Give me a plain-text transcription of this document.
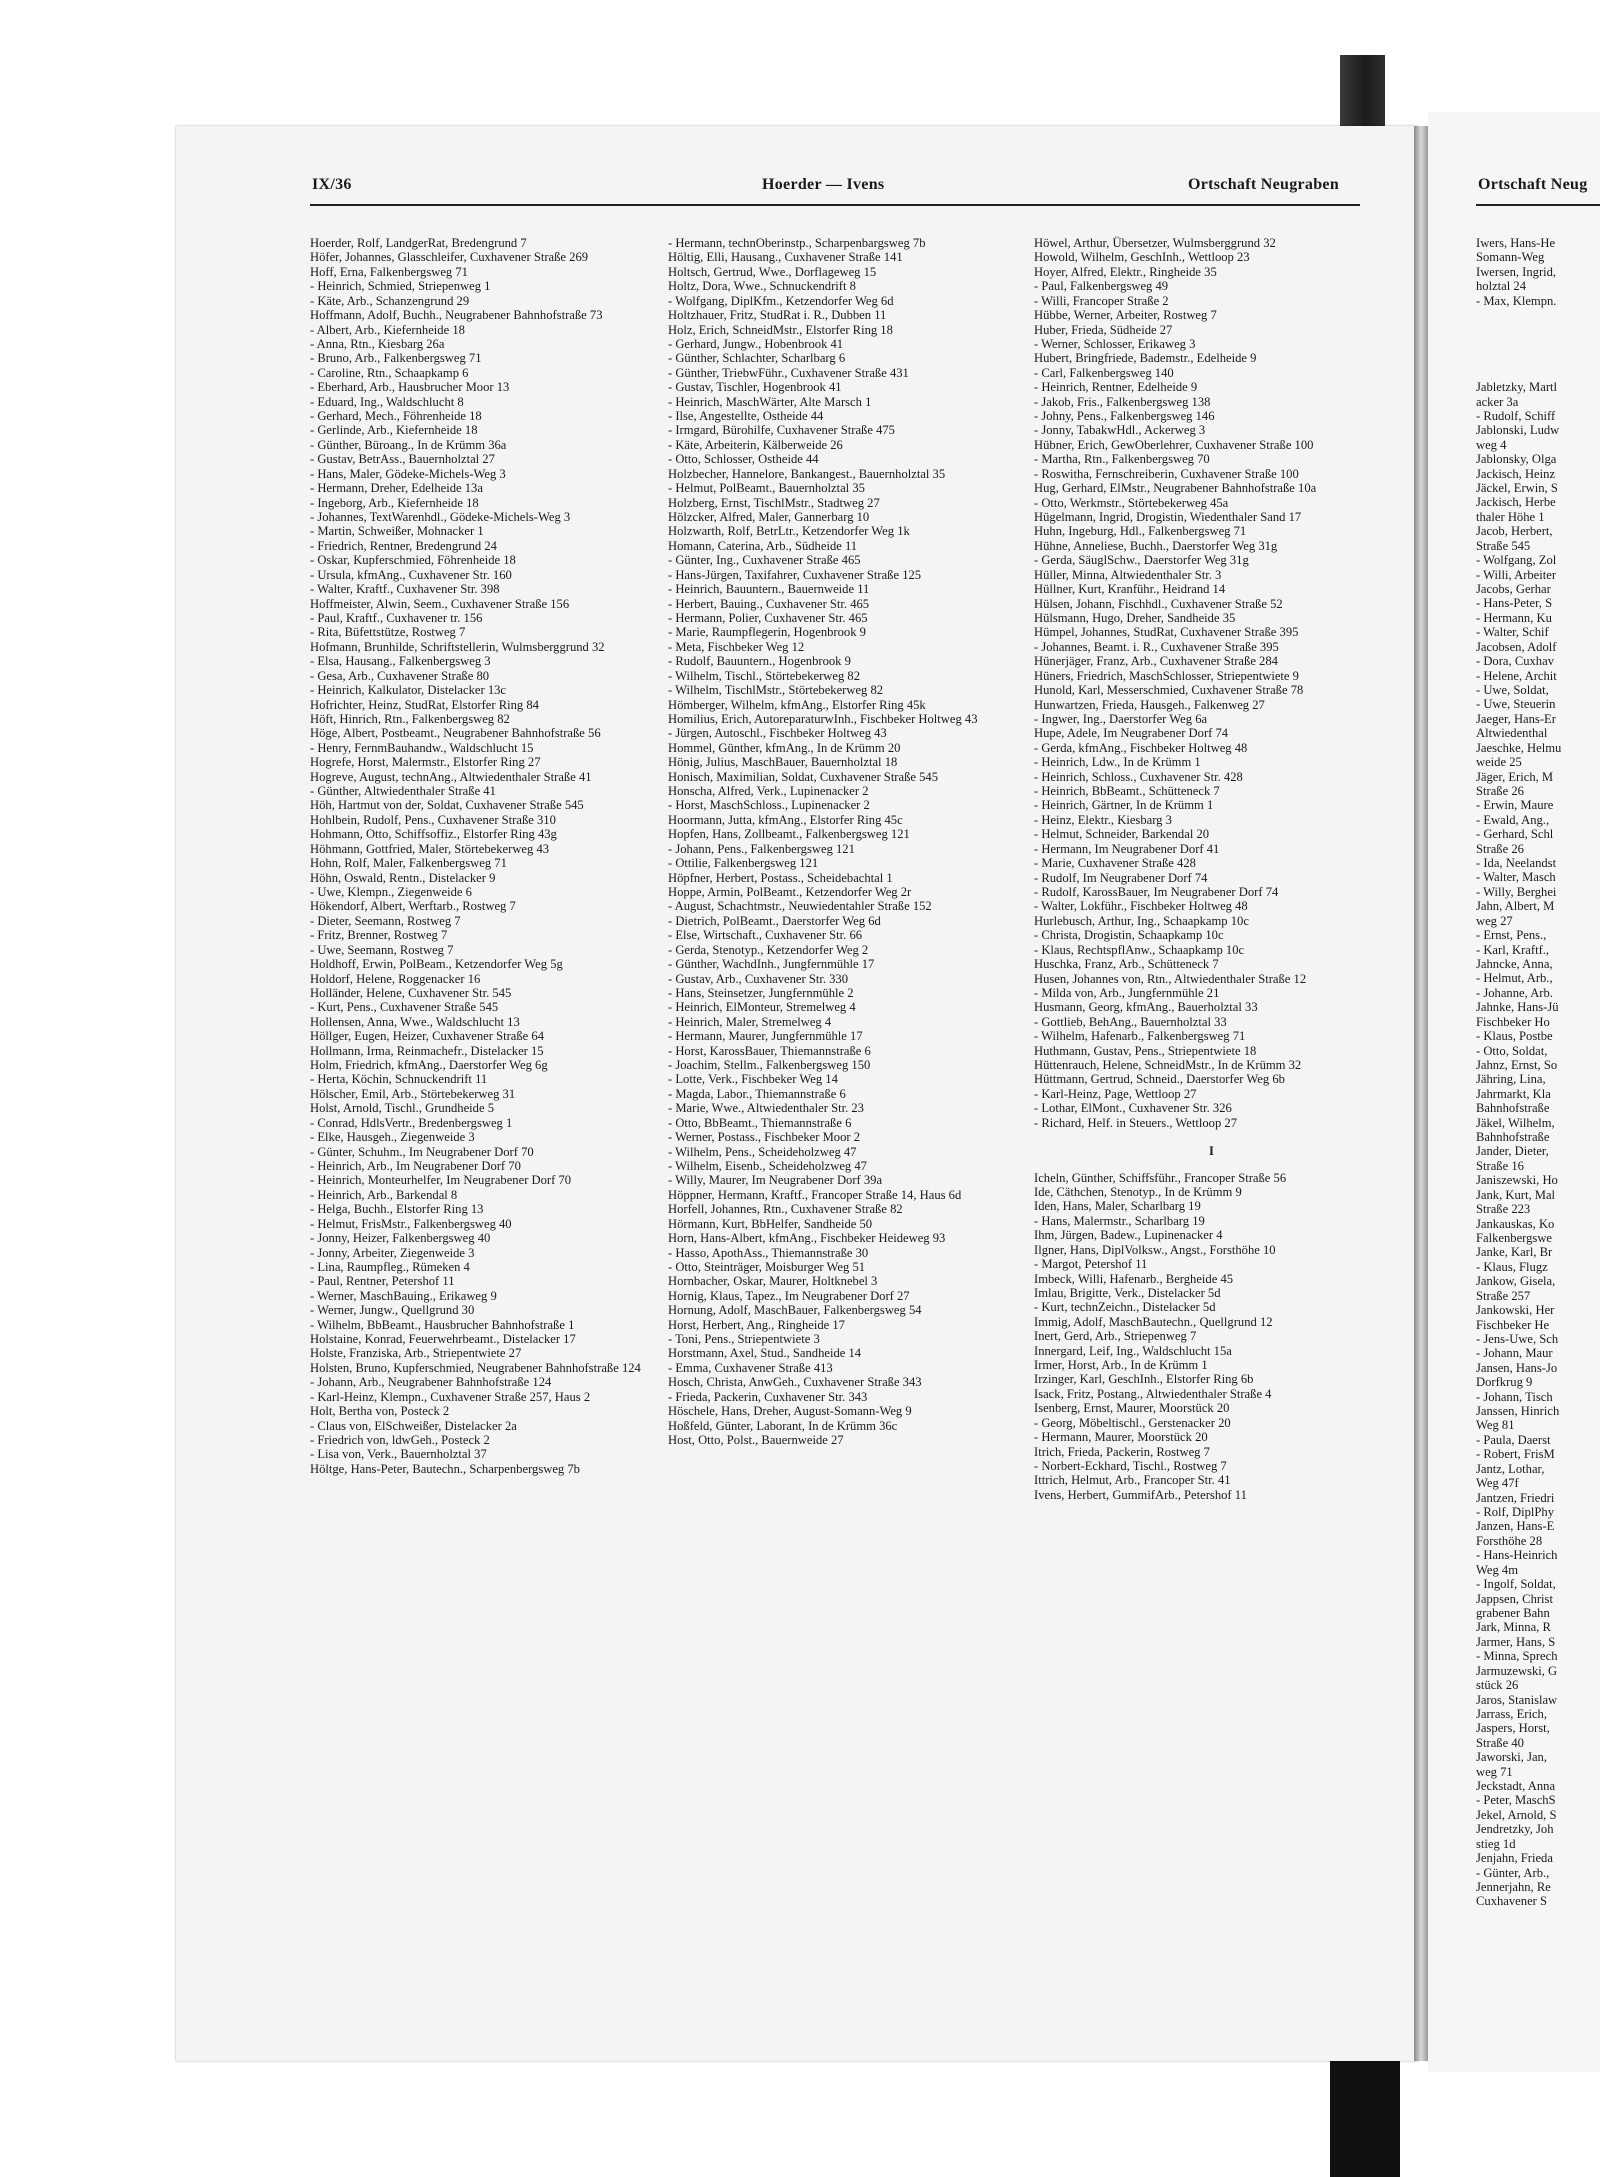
IX/36	Hoerder — Ivens	Ortschaft Neugraben	Ortschaft Neug
Hoerder, Rolf, LandgerRat, Bredengrund 7
Höfer, Johannes, Glasschleifer, Cuxhavener Straße 269
Hoff, Erna, Falkenbergsweg 71
- Heinrich, Schmied, Striepenweg 1
- Käte, Arb., Schanzengrund 29
Hoffmann, Adolf, Buchh., Neugrabener Bahnhofstraße 73
- Albert, Arb., Kiefernheide 18
- Anna, Rtn., Kiesbarg 26a
- Bruno, Arb., Falkenbergsweg 71
- Caroline, Rtn., Schaapkamp 6
- Eberhard, Arb., Hausbrucher Moor 13
- Eduard, Ing., Waldschlucht 8
- Gerhard, Mech., Föhrenheide 18
- Gerlinde, Arb., Kiefernheide 18
- Günther, Büroang., In de Krümm 36a
- Gustav, BetrAss., Bauernholztal 27
- Hans, Maler, Gödeke-Michels-Weg 3
- Hermann, Dreher, Edelheide 13a
- Ingeborg, Arb., Kiefernheide 18
- Johannes, TextWarenhdl., Gödeke-Michels-Weg 3
- Martin, Schweißer, Mohnacker 1
- Friedrich, Rentner, Bredengrund 24
- Oskar, Kupferschmied, Föhrenheide 18
- Ursula, kfmAng., Cuxhavener Str. 160
- Walter, Kraftf., Cuxhavener Str. 398
Hoffmeister, Alwin, Seem., Cuxhavener Straße 156
- Paul, Kraftf., Cuxhavener tr. 156
- Rita, Büfettstütze, Rostweg 7
Hofmann, Brunhilde, Schriftstellerin, Wulmsberggrund 32
- Elsa, Hausang., Falkenbergsweg 3
- Gesa, Arb., Cuxhavener Straße 80
- Heinrich, Kalkulator, Distelacker 13c
Hofrichter, Heinz, StudRat, Elstorfer Ring 84
Höft, Hinrich, Rtn., Falkenbergsweg 82
Höge, Albert, Postbeamt., Neugrabener Bahnhofstraße 56
- Henry, FernmBauhandw., Waldschlucht 15
Hogrefe, Horst, Malermstr., Elstorfer Ring 27
Hogreve, August, technAng., Altwiedenthaler Straße 41
- Günther, Altwiedenthaler Straße 41
Höh, Hartmut von der, Soldat, Cuxhavener Straße 545
Hohlbein, Rudolf, Pens., Cuxhavener Straße 310
Hohmann, Otto, Schiffsoffiz., Elstorfer Ring 43g
Höhmann, Gottfried, Maler, Störtebekerweg 43
Hohn, Rolf, Maler, Falkenbergsweg 71
Höhn, Oswald, Rentn., Distelacker 9
- Uwe, Klempn., Ziegenweide 6
Hökendorf, Albert, Werftarb., Rostweg 7
- Dieter, Seemann, Rostweg 7
- Fritz, Brenner, Rostweg 7
- Uwe, Seemann, Rostweg 7
Holdhoff, Erwin, PolBeam., Ketzendorfer Weg 5g
Holdorf, Helene, Roggenacker 16
Holländer, Helene, Cuxhavener Str. 545
- Kurt, Pens., Cuxhavener Straße 545
Hollensen, Anna, Wwe., Waldschlucht 13
Höllger, Eugen, Heizer, Cuxhavener Straße 64
Hollmann, Irma, Reinmachefr., Distelacker 15
Holm, Friedrich, kfmAng., Daerstorfer Weg 6g
- Herta, Köchin, Schnuckendrift 11
Hölscher, Emil, Arb., Störtebekerweg 31
Holst, Arnold, Tischl., Grundheide 5
- Conrad, HdlsVertr., Bredenbergsweg 1
- Elke, Hausgeh., Ziegenweide 3
- Günter, Schuhm., Im Neugrabener Dorf 70
- Heinrich, Arb., Im Neugrabener Dorf 70
- Heinrich, Monteurhelfer, Im Neugrabener Dorf 70
- Heinrich, Arb., Barkendal 8
- Helga, Buchh., Elstorfer Ring 13
- Helmut, FrisMstr., Falkenbergsweg 40
- Jonny, Heizer, Falkenbergsweg 40
- Jonny, Arbeiter, Ziegenweide 3
- Lina, Raumpfleg., Rümeken 4
- Paul, Rentner, Petershof 11
- Werner, MaschBauing., Erikaweg 9
- Werner, Jungw., Quellgrund 30
- Wilhelm, BbBeamt., Hausbrucher Bahnhofstraße 1
Holstaine, Konrad, Feuerwehrbeamt., Distelacker 17
Holste, Franziska, Arb., Striepentwiete 27
Holsten, Bruno, Kupferschmied, Neugrabener Bahnhofstraße 124
- Johann, Arb., Neugrabener Bahnhofstraße 124
- Karl-Heinz, Klempn., Cuxhavener Straße 257, Haus 2
Holt, Bertha von, Posteck 2
- Claus von, ElSchweißer, Distelacker 2a
- Friedrich von, ldwGeh., Posteck 2
- Lisa von, Verk., Bauernholztal 37
Höltge, Hans-Peter, Bautechn., Scharpenbergsweg 7b
- Hermann, technOberinstp., Scharpenbargsweg 7b
Höltig, Elli, Hausang., Cuxhavener Straße 141
Holtsch, Gertrud, Wwe., Dorflageweg 15
Holtz, Dora, Wwe., Schnuckendrift 8
- Wolfgang, DiplKfm., Ketzendorfer Weg 6d
Holtzhauer, Fritz, StudRat i. R., Dubben 11
Holz, Erich, SchneidMstr., Elstorfer Ring 18
- Gerhard, Jungw., Hobenbrook 41
- Günther, Schlachter, Scharlbarg 6
- Günther, TriebwFühr., Cuxhavener Straße 431
- Gustav, Tischler, Hogenbrook 41
- Heinrich, MaschWärter, Alte Marsch 1
- Ilse, Angestellte, Ostheide 44
- Irmgard, Bürohilfe, Cuxhavener Straße 475
- Käte, Arbeiterin, Kälberweide 26
- Otto, Schlosser, Ostheide 44
Holzbecher, Hannelore, Bankangest., Bauernholztal 35
- Helmut, PolBeamt., Bauernholztal 35
Holzberg, Ernst, TischlMstr., Stadtweg 27
Hölzcker, Alfred, Maler, Gannerbarg 10
Holzwarth, Rolf, BetrLtr., Ketzendorfer Weg 1k
Homann, Caterina, Arb., Südheide 11
- Günter, Ing., Cuxhavener Straße 465
- Hans-Jürgen, Taxifahrer, Cuxhavener Straße 125
- Heinrich, Bauuntern., Bauernweide 11
- Herbert, Bauing., Cuxhavener Str. 465
- Hermann, Polier, Cuxhavener Str. 465
- Marie, Raumpflegerin, Hogenbrook 9
- Meta, Fischbeker Weg 12
- Rudolf, Bauuntern., Hogenbrook 9
- Wilhelm, Tischl., Störtebekerweg 82
- Wilhelm, TischlMstr., Störtebekerweg 82
Hömberger, Wilhelm, kfmAng., Elstorfer Ring 45k
Homilius, Erich, AutoreparaturwInh., Fischbeker Holtweg 43
- Jürgen, Autoschl., Fischbeker Holtweg 43
Hommel, Günther, kfmAng., In de Krümm 20
Hönig, Julius, MaschBauer, Bauernholztal 18
Honisch, Maximilian, Soldat, Cuxhavener Straße 545
Honscha, Alfred, Verk., Lupinenacker 2
- Horst, MaschSchloss., Lupinenacker 2
Hoormann, Jutta, kfmAng., Elstorfer Ring 45c
Hopfen, Hans, Zollbeamt., Falkenbergsweg 121
- Johann, Pens., Falkenbergsweg 121
- Ottilie, Falkenbergsweg 121
Höpfner, Herbert, Postass., Scheidebachtal 1
Hoppe, Armin, PolBeamt., Ketzendorfer Weg 2r
- August, Schachtmstr., Neuwiedentahler Straße 152
- Dietrich, PolBeamt., Daerstorfer Weg 6d
- Else, Wirtschaft., Cuxhavener Str. 66
- Gerda, Stenotyp., Ketzendorfer Weg 2
- Günther, WachdInh., Jungfernmühle 17
- Gustav, Arb., Cuxhavener Str. 330
- Hans, Steinsetzer, Jungfernmühle 2
- Heinrich, ElMonteur, Stremelweg 4
- Heinrich, Maler, Stremelweg 4
- Hermann, Maurer, Jungfernmühle 17
- Horst, KarossBauer, Thiemannstraße 6
- Joachim, Stellm., Falkenbergsweg 150
- Lotte, Verk., Fischbeker Weg 14
- Magda, Labor., Thiemannstraße 6
- Marie, Wwe., Altwiedenthaler Str. 23
- Otto, BbBeamt., Thiemannstraße 6
- Werner, Postass., Fischbeker Moor 2
- Wilhelm, Pens., Scheideholzweg 47
- Wilhelm, Eisenb., Scheideholzweg 47
- Willy, Maurer, Im Neugrabener Dorf 39a
Höppner, Hermann, Kraftf., Francoper Straße 14, Haus 6d
Horfell, Johannes, Rtn., Cuxhavener Straße 82
Hörmann, Kurt, BbHelfer, Sandheide 50
Horn, Hans-Albert, kfmAng., Fischbeker Heideweg 93
- Hasso, ApothAss., Thiemannstraße 30
- Otto, Steinträger, Moisburger Weg 51
Hornbacher, Oskar, Maurer, Holtknebel 3
Hornig, Klaus, Tapez., Im Neugrabener Dorf 27
Hornung, Adolf, MaschBauer, Falkenbergsweg 54
Horst, Herbert, Ang., Ringheide 17
- Toni, Pens., Striepentwiete 3
Horstmann, Axel, Stud., Sandheide 14
- Emma, Cuxhavener Straße 413
Hosch, Christa, AnwGeh., Cuxhavener Straße 343
- Frieda, Packerin, Cuxhavener Str. 343
Höschele, Hans, Dreher, August-Somann-Weg 9
Hoßfeld, Günter, Laborant, In de Krümm 36c
Host, Otto, Polst., Bauernweide 27
Höwel, Arthur, Übersetzer, Wulmsberggrund 32
Howold, Wilhelm, GeschInh., Wettloop 23
Hoyer, Alfred, Elektr., Ringheide 35
- Paul, Falkenbergsweg 49
- Willi, Francoper Straße 2
Hübbe, Werner, Arbeiter, Rostweg 7
Huber, Frieda, Südheide 27
- Werner, Schlosser, Erikaweg 3
Hubert, Bringfriede, Bademstr., Edelheide 9
- Carl, Falkenbergsweg 140
- Heinrich, Rentner, Edelheide 9
- Jakob, Fris., Falkenbergsweg 138
- Johny, Pens., Falkenbergsweg 146
- Jonny, TabakwHdl., Ackerweg 3
Hübner, Erich, GewOberlehrer, Cuxhavener Straße 100
- Martha, Rtn., Falkenbergsweg 70
- Roswitha, Fernschreiberin, Cuxhavener Straße 100
Hug, Gerhard, ElMstr., Neugrabener Bahnhofstraße 10a
- Otto, Werkmstr., Störtebekerweg 45a
Hügelmann, Ingrid, Drogistin, Wiedenthaler Sand 17
Huhn, Ingeburg, Hdl., Falkenbergsweg 71
Hühne, Anneliese, Buchh., Daerstorfer Weg 31g
- Gerda, SäuglSchw., Daerstorfer Weg 31g
Hüller, Minna, Altwiedenthaler Str. 3
Hüllner, Kurt, Kranführ., Heidrand 14
Hülsen, Johann, Fischhdl., Cuxhavener Straße 52
Hülsmann, Hugo, Dreher, Sandheide 35
Hümpel, Johannes, StudRat, Cuxhavener Straße 395
- Johannes, Beamt. i. R., Cuxhavener Straße 395
Hünerjäger, Franz, Arb., Cuxhavener Straße 284
Hüners, Friedrich, MaschSchlosser, Striepentwiete 9
Hunold, Karl, Messerschmied, Cuxhavener Straße 78
Hunwartzen, Frieda, Hausgeh., Falkenweg 27
- Ingwer, Ing., Daerstorfer Weg 6a
Hupe, Adele, Im Neugrabener Dorf 74
- Gerda, kfmAng., Fischbeker Holtweg 48
- Heinrich, Ldw., In de Krümm 1
- Heinrich, Schloss., Cuxhavener Str. 428
- Heinrich, BbBeamt., Schütteneck 7
- Heinrich, Gärtner, In de Krümm 1
- Heinz, Elektr., Kiesbarg 3
- Helmut, Schneider, Barkendal 20
- Hermann, Im Neugrabener Dorf 41
- Marie, Cuxhavener Straße 428
- Rudolf, Im Neugrabener Dorf 74
- Rudolf, KarossBauer, Im Neugrabener Dorf 74
- Walter, Lokführ., Fischbeker Holtweg 48
Hurlebusch, Arthur, Ing., Schaapkamp 10c
- Christa, Drogistin, Schaapkamp 10c
- Klaus, RechtspflAnw., Schaapkamp 10c
Huschka, Franz, Arb., Schütteneck 7
Husen, Johannes von, Rtn., Altwiedenthaler Straße 12
- Milda von, Arb., Jungfernmühle 21
Husmann, Georg, kfmAng., Bauerholztal 33
- Gottlieb, BehAng., Bauernholztal 33
- Wilhelm, Hafenarb., Falkenbergsweg 71
Huthmann, Gustav, Pens., Striepentwiete 18
Hüttenrauch, Helene, SchneidMstr., In de Krümm 32
Hüttmann, Gertrud, Schneid., Daerstorfer Weg 6b
- Karl-Heinz, Page, Wettloop 27
- Lothar, ElMont., Cuxhavener Str. 326
- Richard, Helf. in Steuers., Wettloop 27
I
Icheln, Günther, Schiffsführ., Francoper Straße 56
Ide, Cäthchen, Stenotyp., In de Krümm 9
Iden, Hans, Maler, Scharlbarg 19
- Hans, Malermstr., Scharlbarg 19
Ihm, Jürgen, Badew., Lupinenacker 4
Ilgner, Hans, DiplVolksw., Angst., Forsthöhe 10
- Margot, Petershof 11
Imbeck, Willi, Hafenarb., Bergheide 45
Imlau, Brigitte, Verk., Distelacker 5d
- Kurt, technZeichn., Distelacker 5d
Immig, Adolf, MaschBautechn., Quellgrund 12
Inert, Gerd, Arb., Striepenweg 7
Innergard, Leif, Ing., Waldschlucht 15a
Irmer, Horst, Arb., In de Krümm 1
Irzinger, Karl, GeschInh., Elstorfer Ring 6b
Isack, Fritz, Postang., Altwiedenthaler Straße 4
Isenberg, Ernst, Maurer, Moorstück 20
- Georg, Möbeltischl., Gerstenacker 20
- Hermann, Maurer, Moorstück 20
Itrich, Frieda, Packerin, Rostweg 7
- Norbert-Eckhard, Tischl., Rostweg 7
Ittrich, Helmut, Arb., Francoper Str. 41
Ivens, Herbert, GummifArb., Petershof 11
Iwers, Hans-He
Somann-Weg
Iwersen, Ingrid,
holztal 24
- Max, Klempn.
Jabletzky, Martl
acker 3a
- Rudolf, Schiff
Jablonski, Ludw
weg 4
Jablonsky, Olga
Jackisch, Heinz
Jäckel, Erwin, S
Jackisch, Herbe
thaler Höhe 1
Jacob, Herbert,
Straße 545
- Wolfgang, Zol
- Willi, Arbeiter
Jacobs, Gerhar
- Hans-Peter, S
- Hermann, Ku
- Walter, Schif
Jacobsen, Adolf
- Dora, Cuxhav
- Helene, Archit
- Uwe, Soldat,
- Uwe, Steuerin
Jaeger, Hans-Er
Altwiedenthal
Jaeschke, Helmu
weide 25
Jäger, Erich, M
Straße 26
- Erwin, Maure
- Ewald, Ang.,
- Gerhard, Schl
Straße 26
- Ida, Neelandst
- Walter, Masch
- Willy, Berghei
Jahn, Albert, M
weg 27
- Ernst, Pens.,
- Karl, Kraftf.,
Jahncke, Anna,
- Helmut, Arb.,
- Johanne, Arb.
Jahnke, Hans-Jü
Fischbeker Ho
- Klaus, Postbe
- Otto, Soldat,
Jahnz, Ernst, So
Jähring, Lina,
Jahrmarkt, Kla
Bahnhofstraße
Jäkel, Wilhelm,
Bahnhofstraße
Jander, Dieter,
Straße 16
Janiszewski, Ho
Jank, Kurt, Mal
Straße 223
Jankauskas, Ko
Falkenbergswe
Janke, Karl, Br
- Klaus, Flugz
Jankow, Gisela,
Straße 257
Jankowski, Her
Fischbeker He
- Jens-Uwe, Sch
- Johann, Maur
Jansen, Hans-Jo
Dorfkrug 9
- Johann, Tisch
Janssen, Hinrich
Weg 81
- Paula, Daerst
- Robert, FrisM
Jantz, Lothar,
Weg 47f
Jantzen, Friedri
- Rolf, DiplPhy
Janzen, Hans-E
Forsthöhe 28
- Hans-Heinrich
Weg 4m
- Ingolf, Soldat,
Jappsen, Christ
grabener Bahn
Jark, Minna, R
Jarmer, Hans, S
- Minna, Sprech
Jarmuzewski, G
stück 26
Jaros, Stanislaw
Jarrass, Erich,
Jaspers, Horst,
Straße 40
Jaworski, Jan,
weg 71
Jeckstadt, Anna
- Peter, MaschS
Jekel, Arnold, S
Jendretzky, Joh
stieg 1d
Jenjahn, Frieda
- Günter, Arb.,
Jennerjahn, Re
Cuxhavener S
